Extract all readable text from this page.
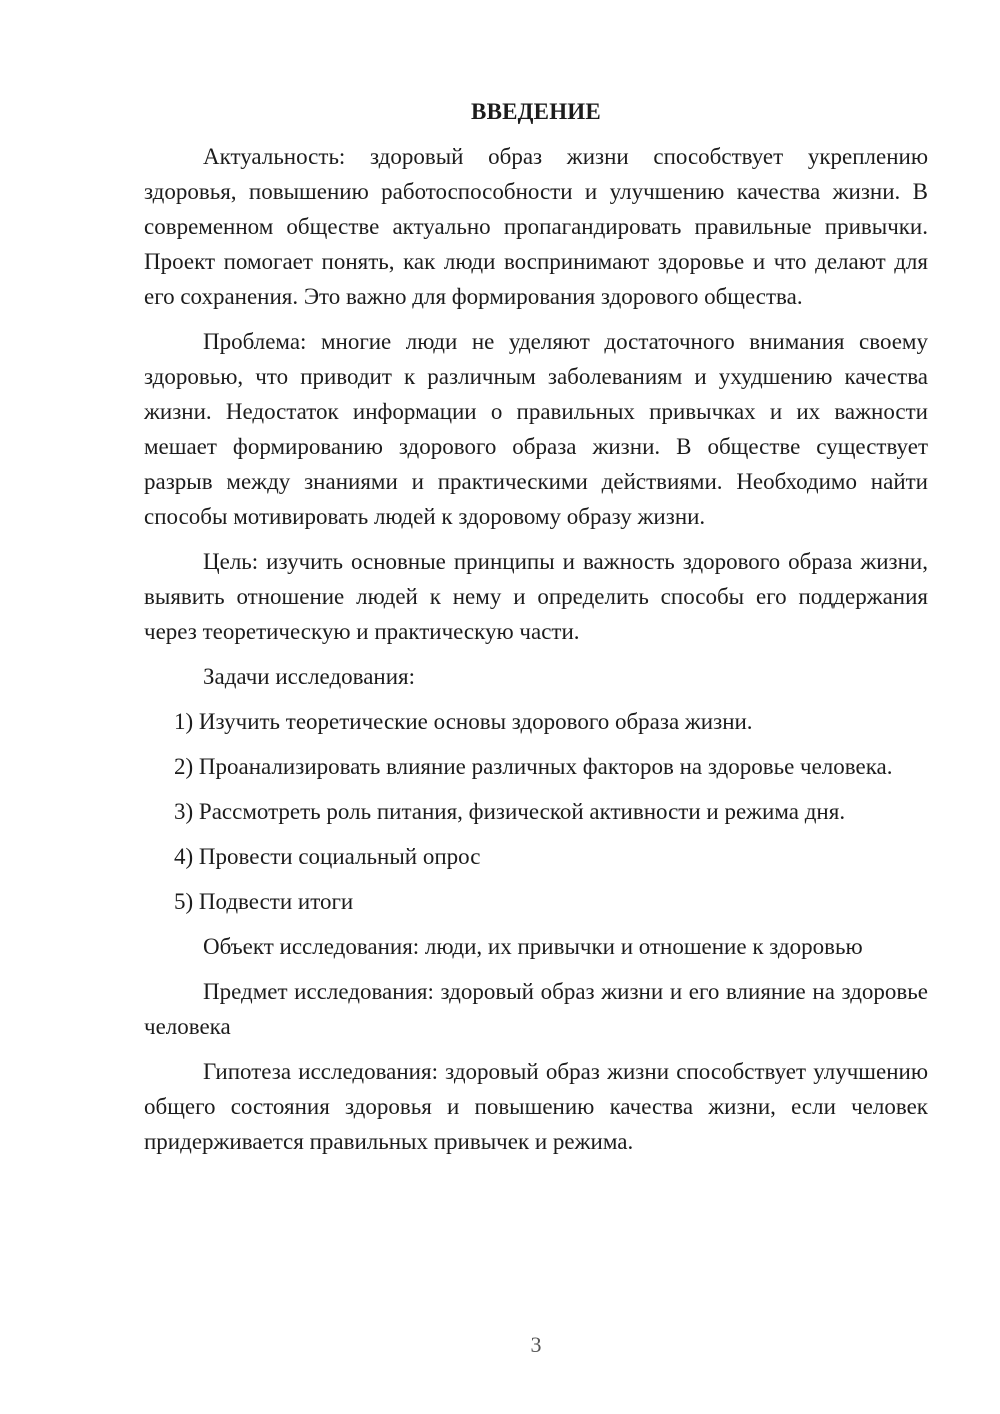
ВВЕДЕНИЕ

Актуальность: здоровый образ жизни способствует укреплению здоровья, повышению работоспособности и улучшению качества жизни. В современном обществе актуально пропагандировать правильные привычки. Проект помогает понять, как люди воспринимают здоровье и что делают для его сохранения. Это важно для формирования здорового общества.

Проблема: многие люди не уделяют достаточного внимания своему здоровью, что приводит к различным заболеваниям и ухудшению качества жизни. Недостаток информации о правильных привычках и их важности мешает формированию здорового образа жизни. В обществе существует разрыв между знаниями и практическими действиями. Необходимо найти способы мотивировать людей к здоровому образу жизни.

Цель: изучить основные принципы и важность здорового образа жизни, выявить отношение людей к нему и определить способы его поддержания через теоретическую и практическую части.

Задачи исследования:

1) Изучить теоретические основы здорового образа жизни.

2) Проанализировать влияние различных факторов на здоровье человека.

3) Рассмотреть роль питания, физической активности и режима дня.

4) Провести социальный опрос

5) Подвести итоги

Объект исследования: люди, их привычки и отношение к здоровью

Предмет исследования: здоровый образ жизни и его влияние на здоровье человека

Гипотеза исследования: здоровый образ жизни способствует улучшению общего состояния здоровья и повышению качества жизни, если человек придерживается правильных привычек и режима.

3
